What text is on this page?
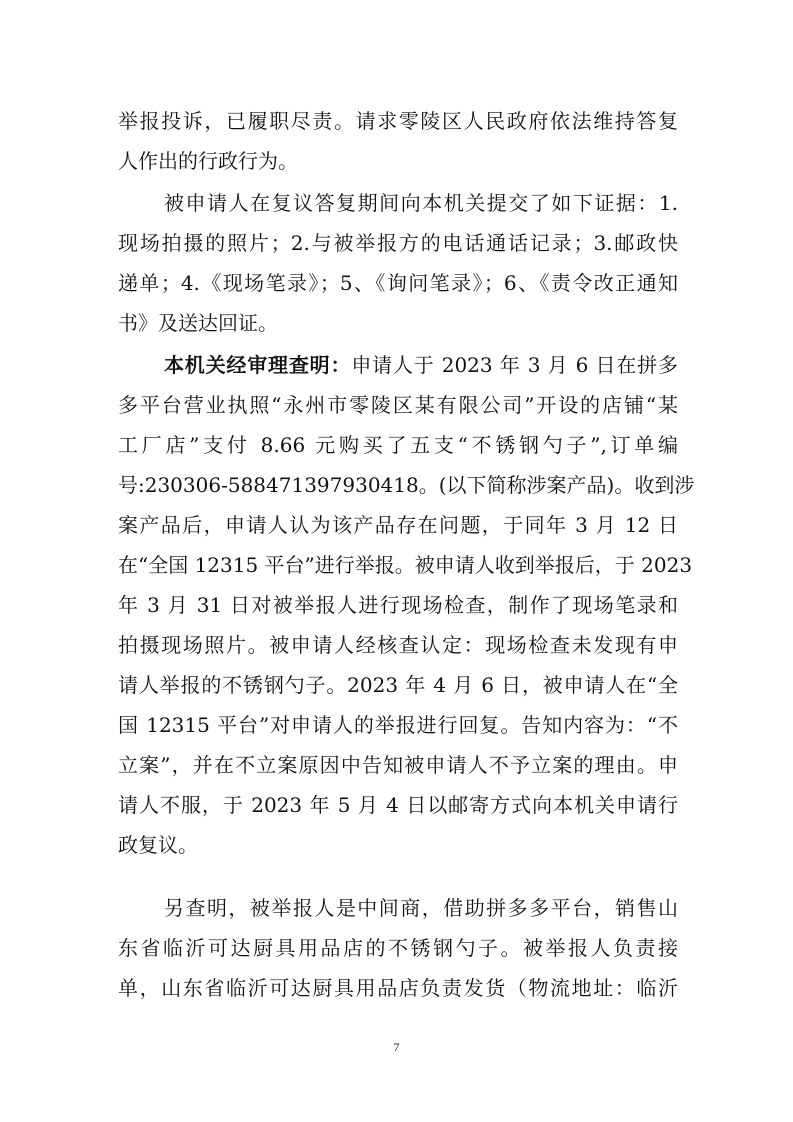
举报投诉，已履职尽责。请求零陵区人民政府依法维持答复
人作出的行政行为。
被申请人在复议答复期间向本机关提交了如下证据：1.
现场拍摄的照片；2.与被举报方的电话通话记录；3.邮政快
递单；4.《现场笔录》；5、《询问笔录》；6、《责令改正通知
书》及送达回证。
本机关经审理查明：申请人于 2023 年 3 月 6 日在拼多
多平台营业执照“永州市零陵区某有限公司”开设的店铺“某
工厂店”支付 8.66 元购买了五支“不锈钢勺子”,订单编
号:230306-588471397930418。(以下简称涉案产品)。收到涉
案产品后，申请人认为该产品存在问题，于同年 3 月 12 日
在“全国 12315 平台”进行举报。被申请人收到举报后，于 2023
年 3 月 31 日对被举报人进行现场检查，制作了现场笔录和
拍摄现场照片。被申请人经核查认定：现场检查未发现有申
请人举报的不锈钢勺子。2023 年 4 月 6 日，被申请人在“全
国 12315 平台”对申请人的举报进行回复。告知内容为：“不
立案”，并在不立案原因中告知被申请人不予立案的理由。申
请人不服，于 2023 年 5 月 4 日以邮寄方式向本机关申请行
政复议。
另查明，被举报人是中间商，借助拼多多平台，销售山
东省临沂可达厨具用品店的不锈钢勺子。被举报人负责接
单，山东省临沂可达厨具用品店负责发货（物流地址：临沂
7
